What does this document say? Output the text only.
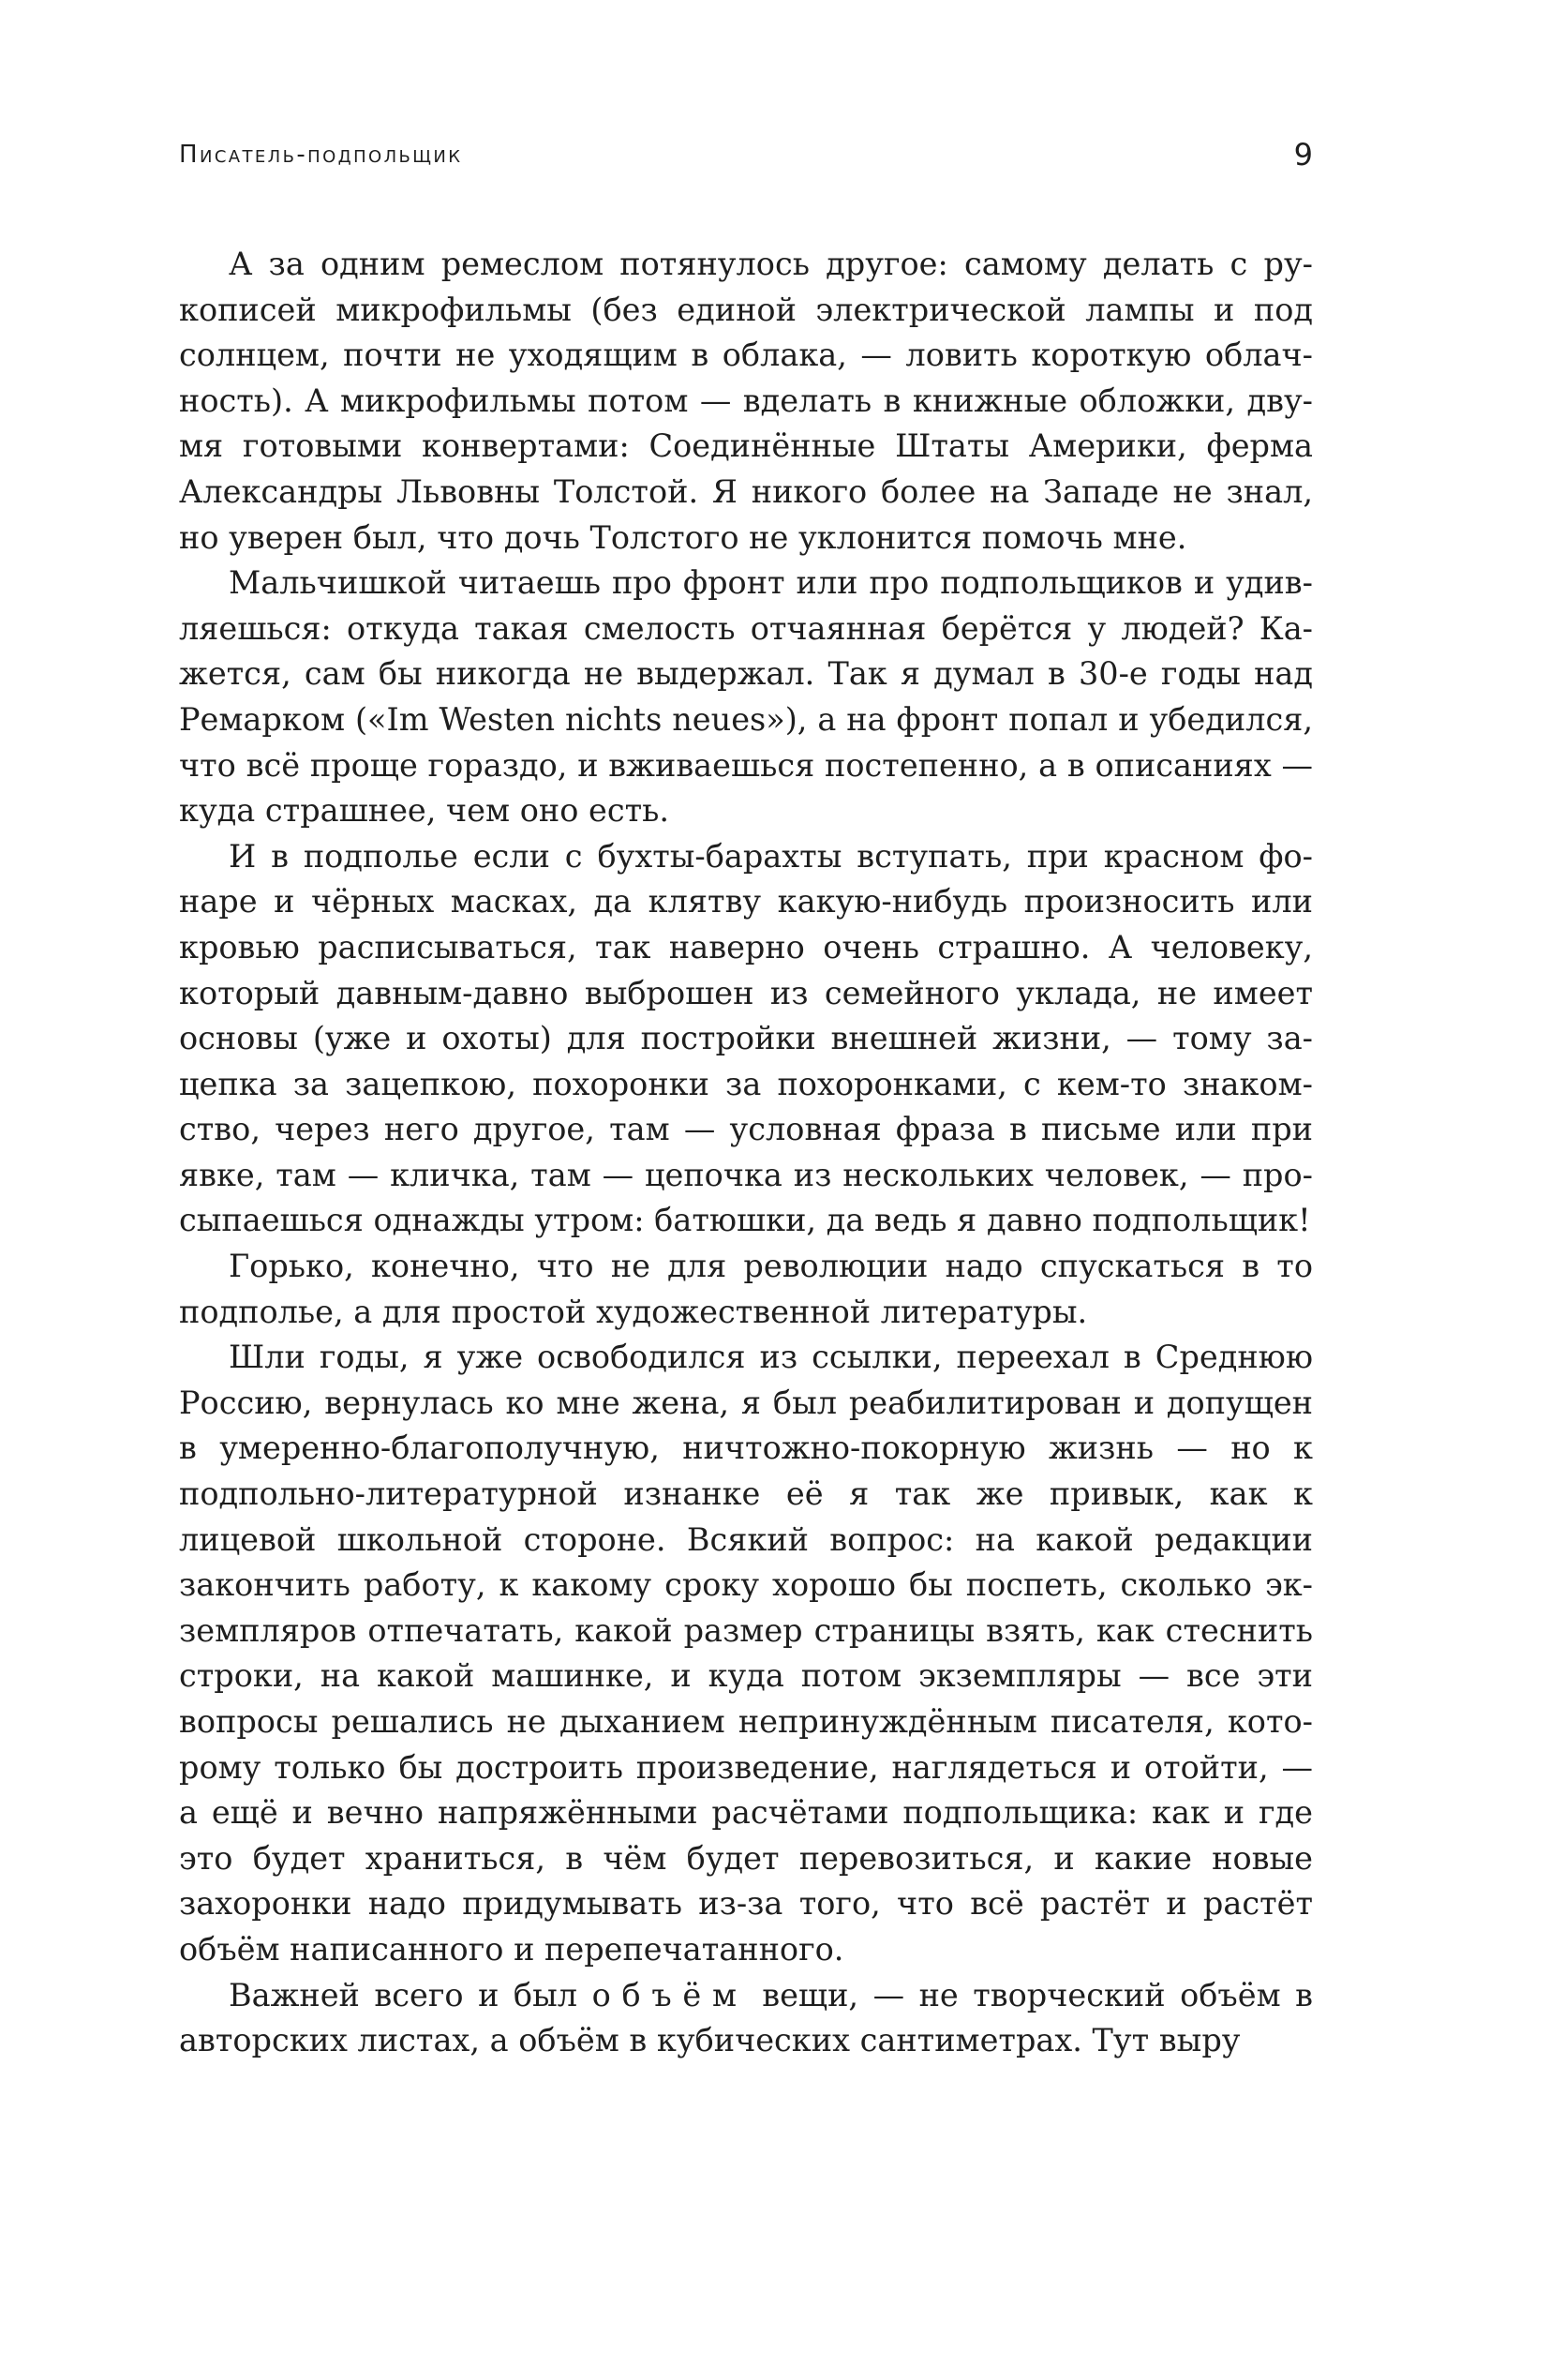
Писатель-подпольщик	9

А за одним ремеслом потянулось другое: самому делать с рукописей микрофильмы (без единой электрической лампы и под солнцем, почти не уходящим в облака, — ловить короткую облачность). А микрофильмы потом — вделать в книжные обложки, двумя готовыми конвертами: Соединённые Штаты Америки, ферма Александры Львовны Толстой. Я никого более на Западе не знал, но уверен был, что дочь Толстого не уклонится помочь мне.

Мальчишкой читаешь про фронт или про подпольщиков и удивляешься: откуда такая смелость отчаянная берётся у людей? Кажется, сам бы никогда не выдержал. Так я думал в 30-е годы над Ремарком («Im Westen nichts neues»), а на фронт попал и убедился, что всё проще гораздо, и вживаешься постепенно, а в описаниях — куда страшнее, чем оно есть.

И в подполье если с бухты-барахты вступать, при красном фонаре и чёрных масках, да клятву какую-нибудь произносить или кровью расписываться, так наверно очень страшно. А человеку, который давным-давно выброшен из семейного уклада, не имеет основы (уже и охоты) для постройки внешней жизни, — тому зацепка за зацепкою, похоронки за похоронками, с кем-то знакомство, через него другое, там — условная фраза в письме или при явке, там — кличка, там — цепочка из нескольких человек, — просыпаешься однажды утром: батюшки, да ведь я давно подпольщик!

Горько, конечно, что не для революции надо спускаться в то подполье, а для простой художественной литературы.

Шли годы, я уже освободился из ссылки, переехал в Среднюю Россию, вернулась ко мне жена, я был реабилитирован и допущен в умеренно-благополучную, ничтожно-покорную жизнь — но к подпольно-литературной изнанке её я так же привык, как к лицевой школьной стороне. Всякий вопрос: на какой редакции закончить работу, к какому сроку хорошо бы поспеть, сколько экземпляров отпечатать, какой размер страницы взять, как стеснить строки, на какой машинке, и куда потом экземпляры — все эти вопросы решались не дыханием непринуждённым писателя, которому только бы достроить произведение, наглядеться и отойти, — а ещё и вечно напряжёнными расчётами подпольщика: как и где это будет храниться, в чём будет перевозиться, и какие новые захоронки надо придумывать из-за того, что всё растёт и растёт объём написанного и перепечатанного.

Важней всего и был объём вещи, — не творческий объём в авторских листах, а объём в кубических сантиметрах. Тут выру
